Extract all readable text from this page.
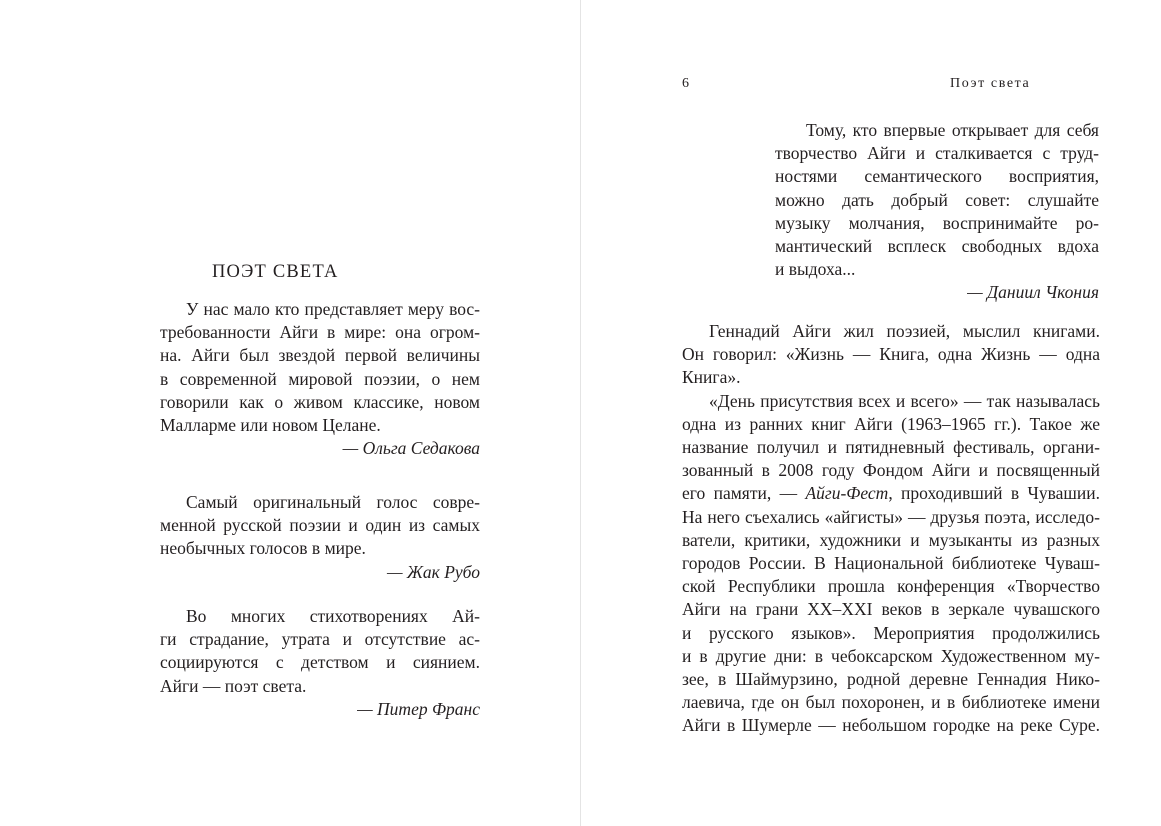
ПОЭТ СВЕТА
У нас мало кто представляет меру вос-
требованности Айги в мире: она огром-
на. Айги был звездой первой величины
в современной мировой поэзии, о нем
говорили как о живом классике, новом
Малларме или новом Целане.
— Ольга Седакова
Самый оригинальный голос совре-
менной русской поэзии и один из самых
необычных голосов в мире.
— Жак Рубо
Во многих стихотворениях Ай-
ги страдание, утрата и отсутствие ас-
социируются с детством и сиянием.
Айги — поэт света.
— Питер Франс
6	Поэт света
Тому, кто впервые открывает для себя
творчество Айги и сталкивается с труд-
ностями семантического восприятия,
можно дать добрый совет: слушайте
музыку молчания, воспринимайте ро-
мантический всплеск свободных вдоха
и выдоха...
— Даниил Чкония
Геннадий Айги жил поэзией, мыслил книгами.
Он говорил: «Жизнь — Книга, одна Жизнь — одна
Книга».
«День присутствия всех и всего» — так называлась
одна из ранних книг Айги (1963–1965 гг.). Такое же
название получил и пятидневный фестиваль, органи-
зованный в 2008 году Фондом Айги и посвященный
его памяти, — Айги-Фест, проходивший в Чувашии.
На него съехались «айгисты» — друзья поэта, исследо-
ватели, критики, художники и музыканты из разных
городов России. В Национальной библиотеке Чуваш-
ской Республики прошла конференция «Творчество
Айги на грани XX–XXI веков в зеркале чувашского
и русского языков». Мероприятия продолжились
и в другие дни: в чебоксарском Художественном му-
зее, в Шаймурзино, родной деревне Геннадия Нико-
лаевича, где он был похоронен, и в библиотеке имени
Айги в Шумерле — небольшом городке на реке Суре.
